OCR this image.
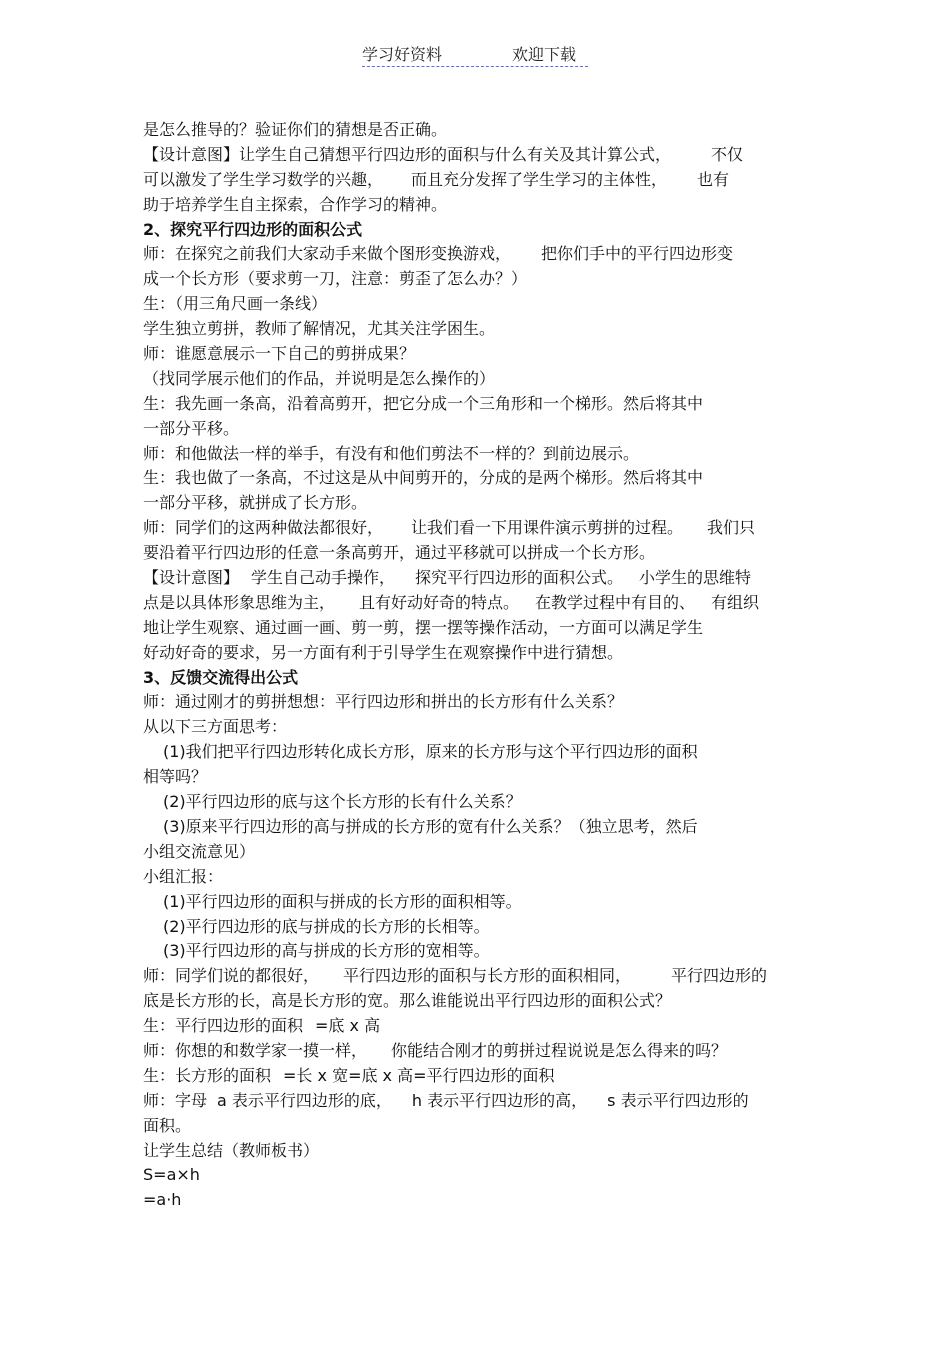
学习好资料	欢迎下载
是怎么推导的？验证你们的猜想是否正确。
【设计意图】让学生自己猜想平行四边形的面积与什么有关及其计算公式，	不仅
可以激发了学生学习数学的兴趣， 而且充分发挥了学生学习的主体性， 也有
助于培养学生自主探索，合作学习的精神。
2、探究平行四边形的面积公式
师：在探究之前我们大家动手来做个图形变换游戏， 把你们手中的平行四边形变
成一个长方形（要求剪一刀，注意：剪歪了怎么办？）
生：（用三角尺画一条线）
学生独立剪拼，教师了解情况，尤其关注学困生。
师：谁愿意展示一下自己的剪拼成果？
（找同学展示他们的作品，并说明是怎么操作的）
生：我先画一条高，沿着高剪开，把它分成一个三角形和一个梯形。然后将其中
一部分平移。
师：和他做法一样的举手，有没有和他们剪法不一样的？到前边展示。
生：我也做了一条高，不过这是从中间剪开的，分成的是两个梯形。然后将其中
一部分平移，就拼成了长方形。
师：同学们的这两种做法都很好， 让我们看一下用课件演示剪拼的过程。 我们只
要沿着平行四边形的任意一条高剪开，通过平移就可以拼成一个长方形。
【设计意图】 学生自己动手操作， 探究平行四边形的面积公式。 小学生的思维特
点是以具体形象思维为主， 且有好动好奇的特点。 在教学过程中有目的、 有组织
地让学生观察、通过画一画、剪一剪，摆一摆等操作活动，一方面可以满足学生
好动好奇的要求，另一方面有利于引导学生在观察操作中进行猜想。
3、反馈交流得出公式
师：通过刚才的剪拼想想：平行四边形和拼出的长方形有什么关系？
从以下三方面思考：
(1)我们把平行四边形转化成长方形，原来的长方形与这个平行四边形的面积
相等吗？
(2)平行四边形的底与这个长方形的长有什么关系？
(3)原来平行四边形的高与拼成的长方形的宽有什么关系？（独立思考，然后
小组交流意见）
小组汇报：
(1)平行四边形的面积与拼成的长方形的面积相等。
(2)平行四边形的底与拼成的长方形的长相等。
(3)平行四边形的高与拼成的长方形的宽相等。
师：同学们说的都很好， 平行四边形的面积与长方形的面积相同，	平行四边形的
底是长方形的长，高是长方形的宽。那么谁能说出平行四边形的面积公式？
生：平行四边形的面积 =底 x 高
师：你想的和数学家一摸一样， 你能结合刚才的剪拼过程说说是怎么得来的吗？
生：长方形的面积 =长 x 宽=底 x 高=平行四边形的面积
师：字母 a 表示平行四边形的底， h 表示平行四边形的高， s 表示平行四边形的
面积。
让学生总结（教师板书）
S=a×h
=a·h
